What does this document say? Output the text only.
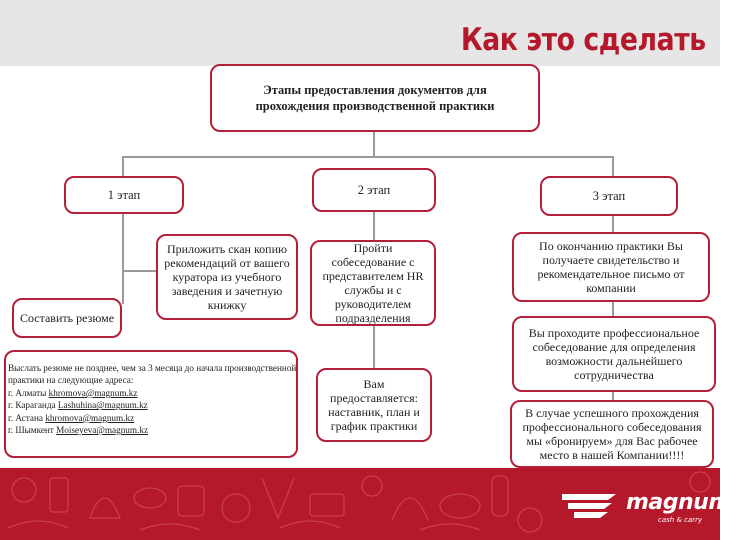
Как это сделать
Этапы предоставления документов для прохождения производственной практики
1 этап	2 этап	3 этап
Приложить скан копию рекомендаций от вашего куратора из учебного заведения и зачетную книжку
Составить резюме
Пройти собеседование с представителем HR службы и с руководителем подразделения
Вам предоставляется: наставник, план и график практики
По окончанию практики Вы получаете свидетельство и рекомендательное письмо от компании
Вы проходите профессиональное собеседование для определения возможности дальнейшего сотрудничества
В случае успешного прохождения профессионального собеседования мы «бронируем» для Вас рабочее место в нашей Компании!!!!
Выслать резюме не позднее, чем за 3 месяца до начала производственной практики на следующие адреса:
г. Алматы khromova@magnum.kz
г. Караганда Lashuhina@magnum.kz
г. Астана khromova@magnum.kz
г. Шымкент Moiseyeva@magnum.kz
magnum
cash & carry
